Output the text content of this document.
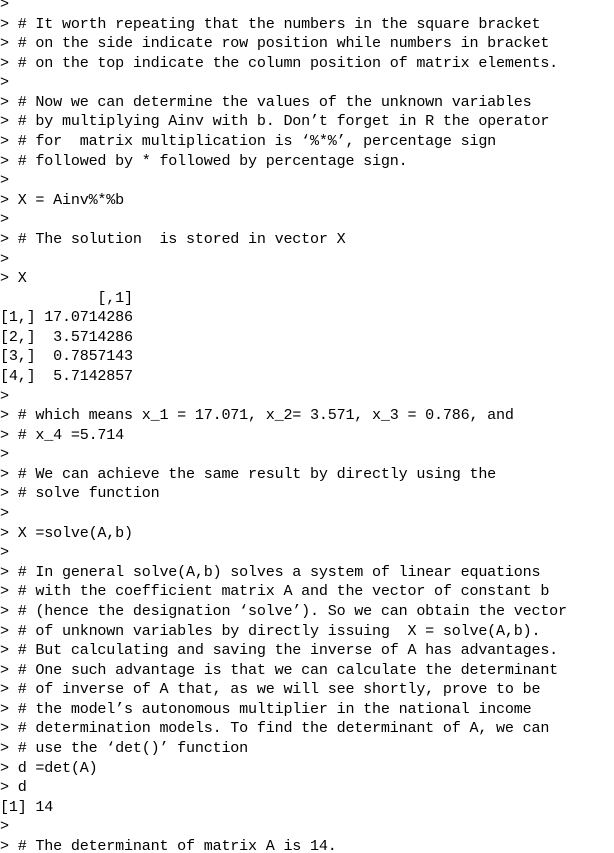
>
> # It worth repeating that the numbers in the square bracket
> # on the side indicate row position while numbers in bracket
> # on the top indicate the column position of matrix elements.
>
> # Now we can determine the values of the unknown variables
> # by multiplying Ainv with b. Don’t forget in R the operator
> # for  matrix multiplication is ‘%*%’, percentage sign
> # followed by * followed by percentage sign.
>
> X = Ainv%*%b
>
> # The solution  is stored in vector X
>
> X
[,1]
[1,] 17.0714286
[2,]  3.5714286
[3,]  0.7857143
[4,]  5.7142857
>
> # which means x_1 = 17.071, x_2= 3.571, x_3 = 0.786, and
> # x_4 =5.714
>
> # We can achieve the same result by directly using the
> # solve function
>
> X =solve(A,b)
>
> # In general solve(A,b) solves a system of linear equations
> # with the coefficient matrix A and the vector of constant b
> # (hence the designation ‘solve’). So we can obtain the vector
> # of unknown variables by directly issuing  X = solve(A,b).
> # But calculating and saving the inverse of A has advantages.
> # One such advantage is that we can calculate the determinant
> # of inverse of A that, as we will see shortly, prove to be
> # the model’s autonomous multiplier in the national income
> # determination models. To find the determinant of A, we can
> # use the ‘det()’ function
> d =det(A)
> d
[1] 14
>
> # The determinant of matrix A is 14.
